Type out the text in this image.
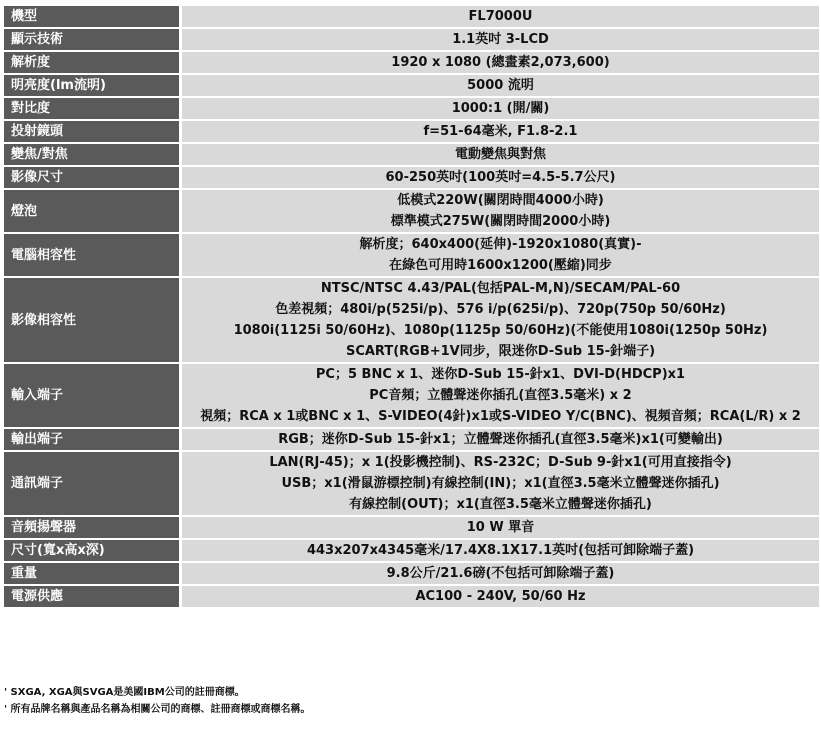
機型	FL7000U

顯示技術	1.1英吋 3-LCD

解析度	1920 x 1080 (總畫素2,073,600)

明亮度(lm流明)	5000 流明

對比度	1000:1 (開/關)

投射鏡頭	f=51-64毫米, F1.8-2.1

變焦/對焦	電動變焦與對焦

影像尺寸	60-250英吋(100英吋=4.5-5.7公尺)

燈泡	低模式220W(關閉時間4000小時)
標準模式275W(關閉時間2000小時)

電腦相容性	解析度；640x400(延伸)-1920x1080(真實)-
在綠色可用時1600x1200(壓縮)同步

影像相容性	NTSC/NTSC 4.43/PAL(包括PAL-M,N)/SECAM/PAL-60
色差視頻；480i/p(525i/p)、576 i/p(625i/p)、720p(750p 50/60Hz)
1080i(1125i 50/60Hz)、1080p(1125p 50/60Hz)(不能使用1080i(1250p 50Hz)
SCART(RGB+1V同步，限迷你D-Sub 15-針端子)

輸入端子	PC；5 BNC x 1、迷你D-Sub 15-針x1、DVI-D(HDCP)x1
PC音頻；立體聲迷你插孔(直徑3.5毫米) x 2
視頻；RCA x 1或BNC x 1、S-VIDEO(4針)x1或S-VIDEO Y/C(BNC)、視頻音頻；RCA(L/R) x 2

輸出端子	RGB；迷你D-Sub 15-針x1；立體聲迷你插孔(直徑3.5毫米)x1(可變輸出)

通訊端子	LAN(RJ-45)；x 1(投影機控制)、RS-232C；D-Sub 9-針x1(可用直接指令)
USB；x1(滑鼠游標控制)有線控制(IN)；x1(直徑3.5毫米立體聲迷你插孔)
有線控制(OUT)；x1(直徑3.5毫米立體聲迷你插孔)

音頻揚聲器	10 W 單音

尺寸(寬x高x深)	443x207x4345毫米/17.4X8.1X17.1英吋(包括可卸除端子蓋)

重量	9.8公斤/21.6磅(不包括可卸除端子蓋)

電源供應	AC100 - 240V, 50/60 Hz
' SXGA, XGA與SVGA是美國IBM公司的註冊商標。
' 所有品牌名稱與產品名稱為相關公司的商標、註冊商標或商標名稱。
